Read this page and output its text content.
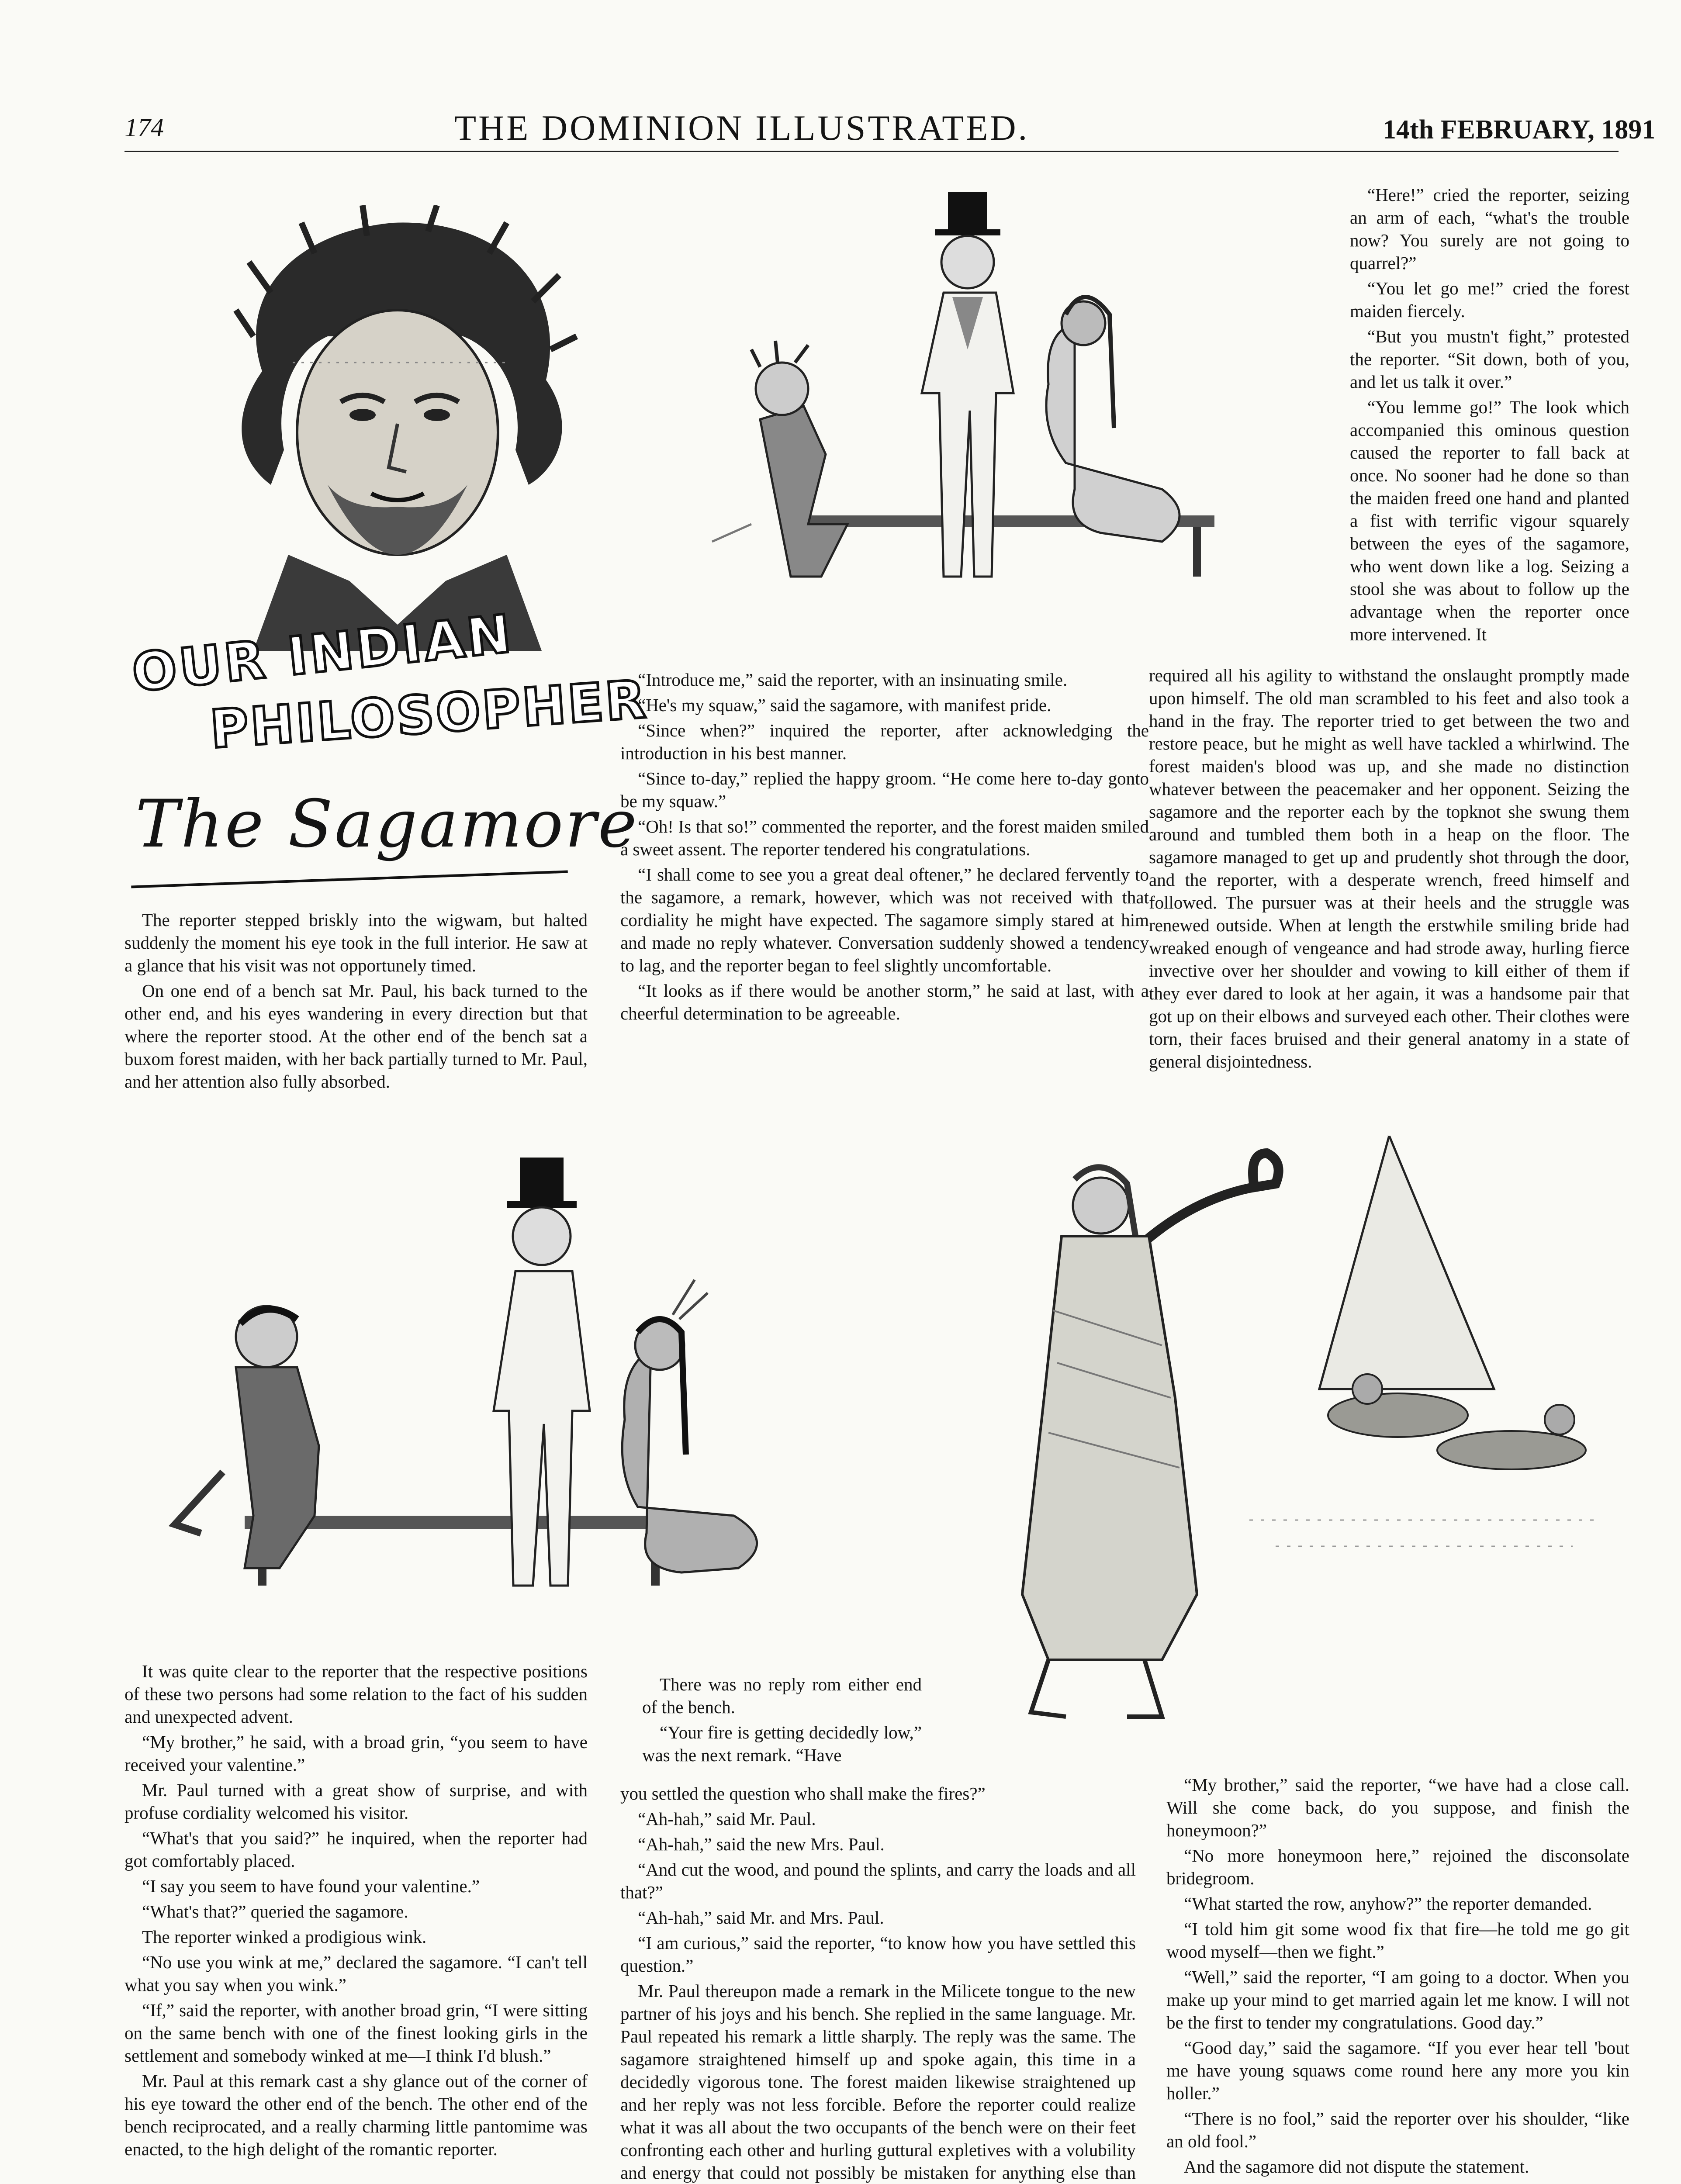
174	THE DOMINION ILLUSTRATED.	14th FEBRUARY, 1891
OUR INDIAN
PHILOSOPHER
The Sagamore

The reporter stepped briskly into the wigwam, but halted suddenly the moment his eye took in the full interior. He saw at a glance that his visit was not opportunely timed.

On one end of a bench sat Mr. Paul, his back turned to the other end, and his eyes wandering in every direction but that where the reporter stood. At the other end of the bench sat a buxom forest maiden, with her back partially turned to Mr. Paul, and her attention also fully absorbed.

“Introduce me,” said the reporter, with an insinuating smile.

“He's my squaw,” said the sagamore, with manifest pride.

“Since when?” inquired the reporter, after acknowledging the introduction in his best manner.

“Since to-day,” replied the happy groom. “He come here to-day gonto be my squaw.”

“Oh! Is that so!” commented the reporter, and the forest maiden smiled a sweet assent. The reporter tendered his congratulations.

“I shall come to see you a great deal oftener,” he declared fervently to the sagamore, a remark, however, which was not received with that cordiality he might have expected. The sagamore simply stared at him and made no reply whatever. Conversation suddenly showed a tendency to lag, and the reporter began to feel slightly uncomfortable.

“It looks as if there would be another storm,” he said at last, with a cheerful determination to be agreeable.

“Here!” cried the reporter, seizing an arm of each, “what's the trouble now? You surely are not going to quarrel?”

“You let go me!” cried the forest maiden fiercely.

“But you mustn't fight,” protested the reporter. “Sit down, both of you, and let us talk it over.”

“You lemme go!” The look which accompanied this ominous question caused the reporter to fall back at once. No sooner had he done so than the maiden freed one hand and planted a fist with terrific vigour squarely between the eyes of the sagamore, who went down like a log. Seizing a stool she was about to follow up the advantage when the reporter once more intervened. It

required all his agility to withstand the onslaught promptly made upon himself. The old man scrambled to his feet and also took a hand in the fray. The reporter tried to get between the two and restore peace, but he might as well have tackled a whirlwind. The forest maiden's blood was up, and she made no distinction whatever between the peacemaker and her opponent. Seizing the sagamore and the reporter each by the topknot she swung them around and tumbled them both in a heap on the floor. The sagamore managed to get up and prudently shot through the door, and the reporter, with a desperate wrench, freed himself and followed. The pursuer was at their heels and the struggle was renewed outside. When at length the erstwhile smiling bride had wreaked enough of vengeance and had strode away, hurling fierce invective over her shoulder and vowing to kill either of them if they ever dared to look at her again, it was a handsome pair that got up on their elbows and surveyed each other. Their clothes were torn, their faces bruised and their general anatomy in a state of general disjointedness.

It was quite clear to the reporter that the respective positions of these two persons had some relation to the fact of his sudden and unexpected advent.

“My brother,” he said, with a broad grin, “you seem to have received your valentine.”

Mr. Paul turned with a great show of surprise, and with profuse cordiality welcomed his visitor.

“What's that you said?” he inquired, when the reporter had got comfortably placed.

“I say you seem to have found your valentine.”

“What's that?” queried the sagamore.

The reporter winked a prodigious wink.

“No use you wink at me,” declared the sagamore. “I can't tell what you say when you wink.”

“If,” said the reporter, with another broad grin, “I were sitting on the same bench with one of the finest looking girls in the settlement and somebody winked at me—I think I'd blush.”

Mr. Paul at this remark cast a shy glance out of the corner of his eye toward the other end of the bench. The other end of the bench reciprocated, and a really charming little pantomime was enacted, to the high delight of the romantic reporter.

There was no reply rom either end of the bench.

“Your fire is getting decidedly low,” was the next remark. “Have

you settled the question who shall make the fires?”

“Ah-hah,” said Mr. Paul.

“Ah-hah,” said the new Mrs. Paul.

“And cut the wood, and pound the splints, and carry the loads and all that?”

“Ah-hah,” said Mr. and Mrs. Paul.

“I am curious,” said the reporter, “to know how you have settled this question.”

Mr. Paul thereupon made a remark in the Milicete tongue to the new partner of his joys and his bench. She replied in the same language. Mr. Paul repeated his remark a little sharply. The reply was the same. The sagamore straightened himself up and spoke again, this time in a decidedly vigorous tone. The forest maiden likewise straightened up and her reply was not less forcible. Before the reporter could realize what it was all about the two occupants of the bench were on their feet confronting each other and hurling guttural expletives with a volubility and energy that could not possibly be mistaken for anything else than

“My brother,” said the reporter, “we have had a close call. Will she come back, do you suppose, and finish the honeymoon?”

“No more honeymoon here,” rejoined the disconsolate bridegroom.

“What started the row, anyhow?” the reporter demanded.

“I told him git some wood fix that fire—he told me go git wood myself—then we fight.”

“Well,” said the reporter, “I am going to a doctor. When you make up your mind to get married again let me know. I will not be the first to tender my congratulations. Good day.”

“Good day,” said the sagamore. “If you ever hear tell 'bout me have young squaws come round here any more you kin holler.”

“There is no fool,” said the reporter over his shoulder, “like an old fool.”

And the sagamore did not dispute the statement.
